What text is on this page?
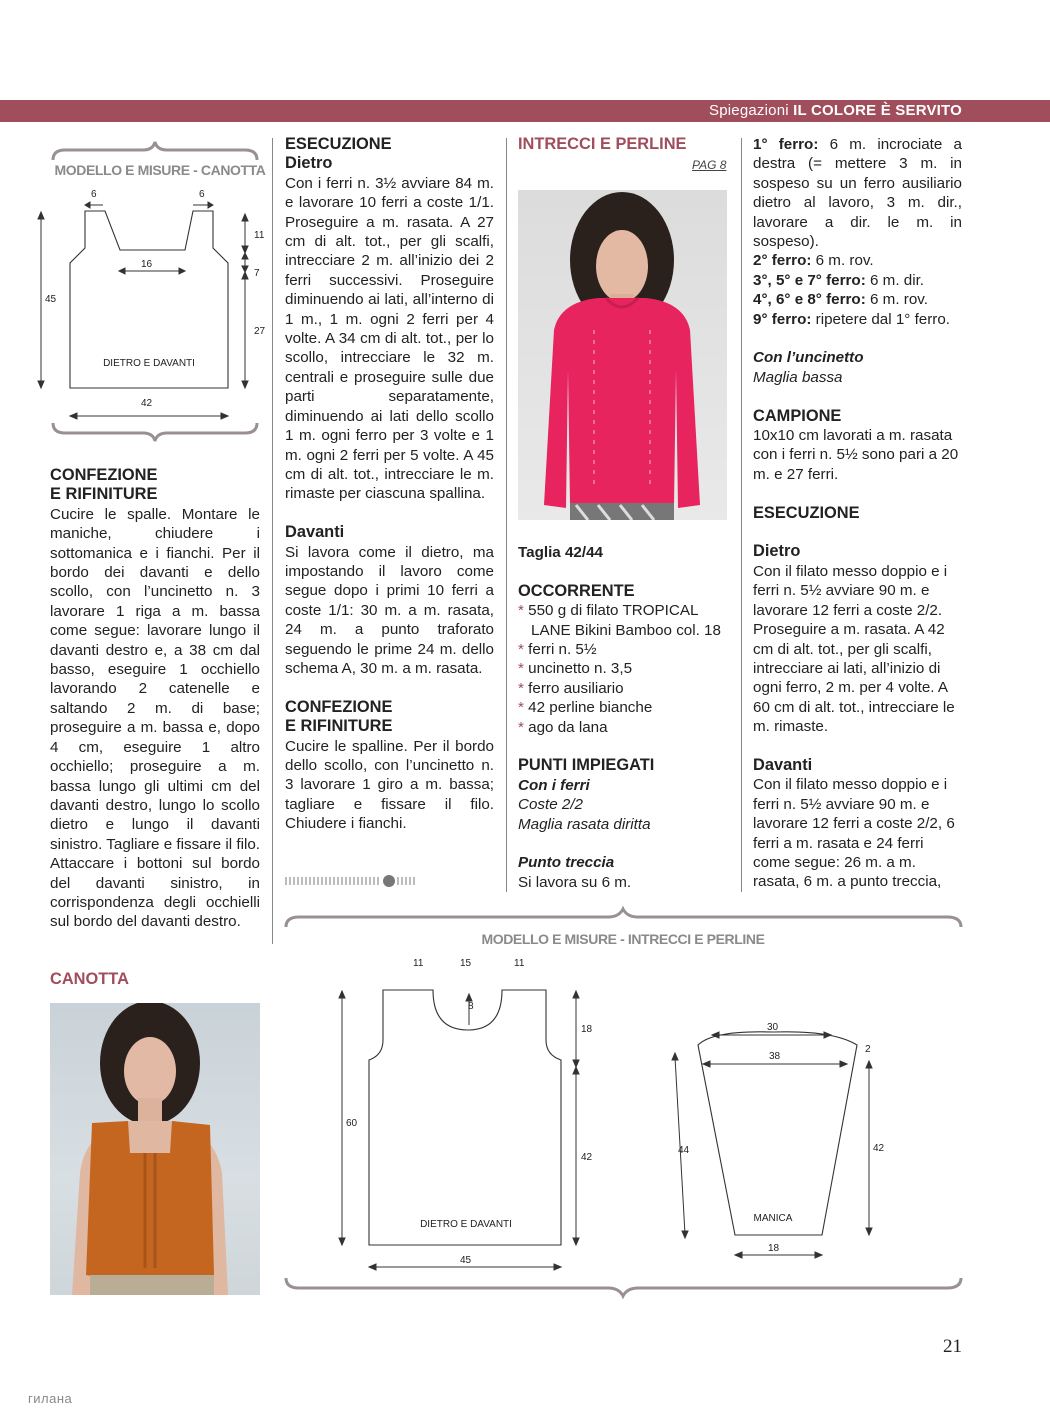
Spiegazioni IL COLORE È SERVITO
MODELLO E MISURE - CANOTTA
6	6
16
11
7
27
45
42
DIETRO E DAVANTI

CONFEZIONE

E RIFINITURE

Cucire le spalle. Montare le maniche, chiudere i sottomanica e i fianchi. Per il bordo dei davanti e dello scollo, con l’uncinetto n. 3 lavorare 1 riga a m. bassa come segue: lavorare lungo il davanti destro e, a 38 cm dal basso, eseguire 1 occhiello lavorando 2 catenelle e saltando 2 m. di base; proseguire a m. bassa e, dopo 4 cm, eseguire 1 altro occhiello; proseguire a m. bassa lungo gli ultimi cm del davanti destro, lungo lo scollo dietro e lungo il davanti sinistro. Tagliare e fissare il filo. Attaccare i bottoni sul bordo del davanti sinistro, in corrispondenza degli occhielli sul bordo del davanti destro.

CANOTTA

ESECUZIONE

Dietro

Con i ferri n. 3½ avviare 84 m. e lavorare 10 ferri a coste 1/1. Proseguire a m. rasata. A 27 cm di alt. tot., per gli scalfi, intrecciare 2 m. all’inizio dei 2 ferri successivi. Proseguire diminuendo ai lati, all’interno di 1 m., 1 m. ogni 2 ferri per 4 volte. A 34 cm di alt. tot., per lo scollo, intrecciare le 32 m. centrali e proseguire sulle due parti separatamente, diminuendo ai lati dello scollo 1 m. ogni ferro per 3 volte e 1 m. ogni 2 ferri per 5 volte. A 45 cm di alt. tot., intrecciare le m. rimaste per ciascuna spallina.

Davanti

Si lavora come il dietro, ma impostando il lavoro come segue dopo i primi 10 ferri a coste 1/1: 30 m. a m. rasata, 24 m. a punto traforato seguendo le prime 24 m. dello schema A, 30 m. a m. rasata.

CONFEZIONE

E RIFINITURE

Cucire le spalline. Per il bordo dello scollo, con l’uncinetto n. 3 lavorare 1 giro a m. bassa; tagliare e fissare il filo. Chiudere i fianchi.

INTRECCI E PERLINE
PAG 8

Taglia 42/44

OCCORRENTE

* 550 g di filato TROPICAL LANE Bikini Bamboo col. 18
* ferri n. 5½
* uncinetto n. 3,5
* ferro ausiliario
* 42 perline bianche
* ago da lana

PUNTI IMPIEGATI

Con i ferri

Coste 2/2

Maglia rasata diritta

Punto treccia

Si lavora su 6 m.

1° ferro: 6 m. incrociate a destra (= mettere 3 m. in sospeso su un ferro ausiliario dietro al lavoro, 3 m. dir., lavorare a dir. le m. in sospeso).

2° ferro: 6 m. rov.

3°, 5° e 7° ferro: 6 m. dir.

4°, 6° e 8° ferro: 6 m. rov.

9° ferro: ripetere dal 1° ferro.

Con l’uncinetto

Maglia bassa

CAMPIONE

10x10 cm lavorati a m. rasata con i ferri n. 5½ sono pari a 20 m. e 27 ferri.

ESECUZIONE

Dietro

Con il filato messo doppio e i ferri n. 5½ avviare 90 m. e lavorare 12 ferri a coste 2/2. Proseguire a m. rasata. A 42 cm di alt. tot., per gli scalfi, intrecciare ai lati, all’inizio di ogni ferro, 2 m. per 4 volte. A 60 cm di alt. tot., intrecciare le m. rimaste.

Davanti

Con il filato messo doppio e i ferri n. 5½ avviare 90 m. e lavorare 12 ferri a coste 2/2, 6 ferri a m. rasata e 24 ferri come segue: 26 m. a m. rasata, 6 m. a punto treccia,

MODELLO E MISURE - INTRECCI E PERLINE
11	15	11
8
18
60
42
45
DIETRO E DAVANTI
30
38
2
44	42
18
MANICA
21
гилана
